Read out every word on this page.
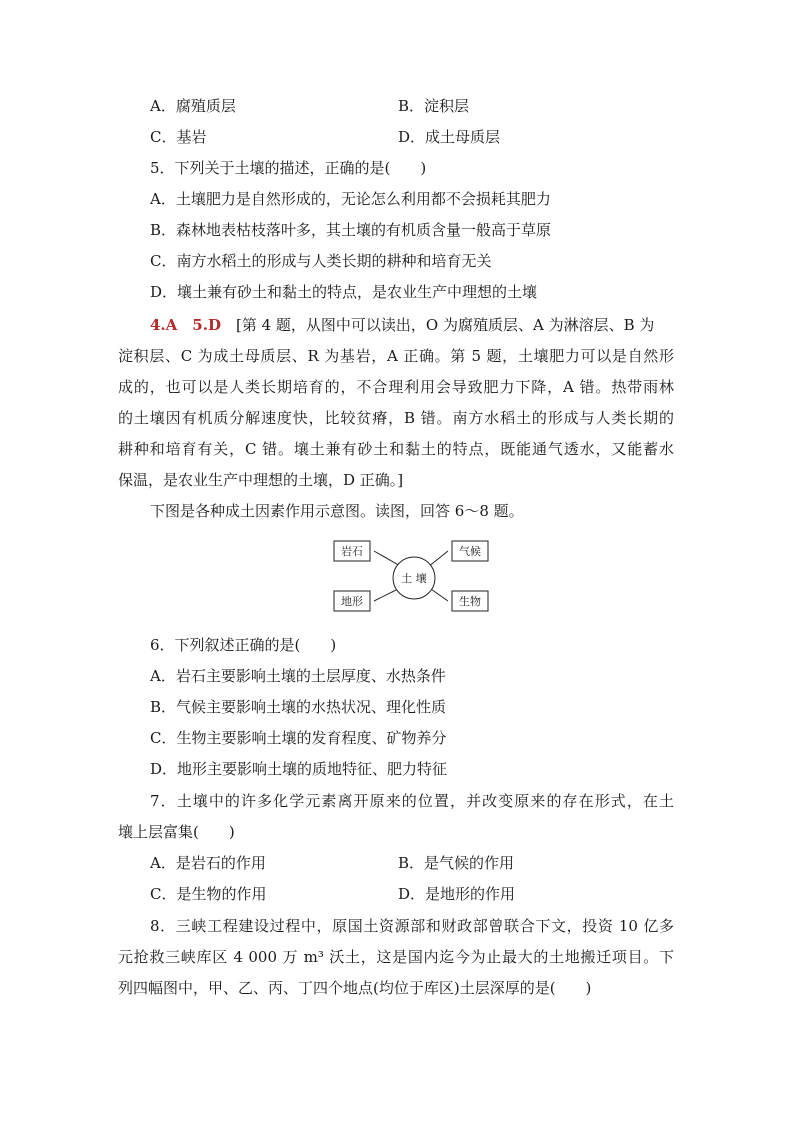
A．腐殖质层	B．淀积层
C．基岩	D．成土母质层
5．下列关于土壤的描述，正确的是(　　)
A．土壤肥力是自然形成的，无论怎么利用都不会损耗其肥力
B．森林地表枯枝落叶多，其土壤的有机质含量一般高于草原
C．南方水稻土的形成与人类长期的耕种和培育无关
D．壤土兼有砂土和黏土的特点，是农业生产中理想的土壤
4.A　5.D　 [第 4 题，从图中可以读出，O 为腐殖质层、A 为淋溶层、B 为
淀积层、C 为成土母质层、R 为基岩，A 正确。第 5 题，土壤肥力可以是自然形
成的，也可以是人类长期培育的，不合理利用会导致肥力下降，A 错。热带雨林
的土壤因有机质分解速度快，比较贫瘠，B 错。南方水稻土的形成与人类长期的
耕种和培育有关，C 错。壤土兼有砂土和黏土的特点，既能通气透水，又能蓄水
保温，是农业生产中理想的土壤，D 正确。]
下图是各种成土因素作用示意图。读图，回答 6～8 题。
土 壤
岩石	气候
地形	生物
6．下列叙述正确的是(　　)
A．岩石主要影响土壤的土层厚度、水热条件
B．气候主要影响土壤的水热状况、理化性质
C．生物主要影响土壤的发育程度、矿物养分
D．地形主要影响土壤的质地特征、肥力特征
7．土壤中的许多化学元素离开原来的位置，并改变原来的存在形式，在土
壤上层富集(　　)
A．是岩石的作用	B．是气候的作用
C．是生物的作用	D．是地形的作用
8．三峡工程建设过程中，原国土资源部和财政部曾联合下文，投资 10 亿多
元抢救三峡库区 4 000 万 m³ 沃土，这是国内迄今为止最大的土地搬迁项目。下
列四幅图中，甲、乙、丙、丁四个地点(均位于库区)土层深厚的是(　　)
